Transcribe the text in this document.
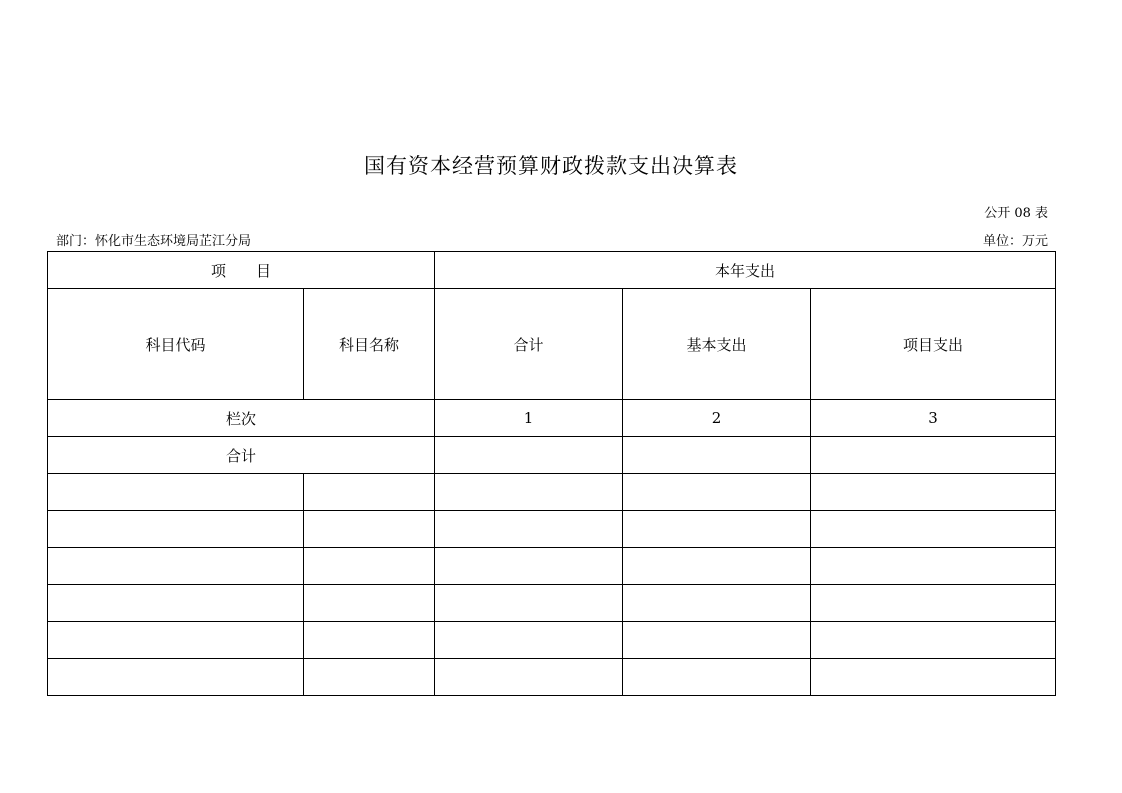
国有资本经营预算财政拨款支出决算表
公开 08 表
部门：怀化市生态环境局芷江分局	单位：万元
项　　目		本年支出		
科目代码	科目名称	合计	基本支出	项目支出
栏次		1	2	3
合计				
